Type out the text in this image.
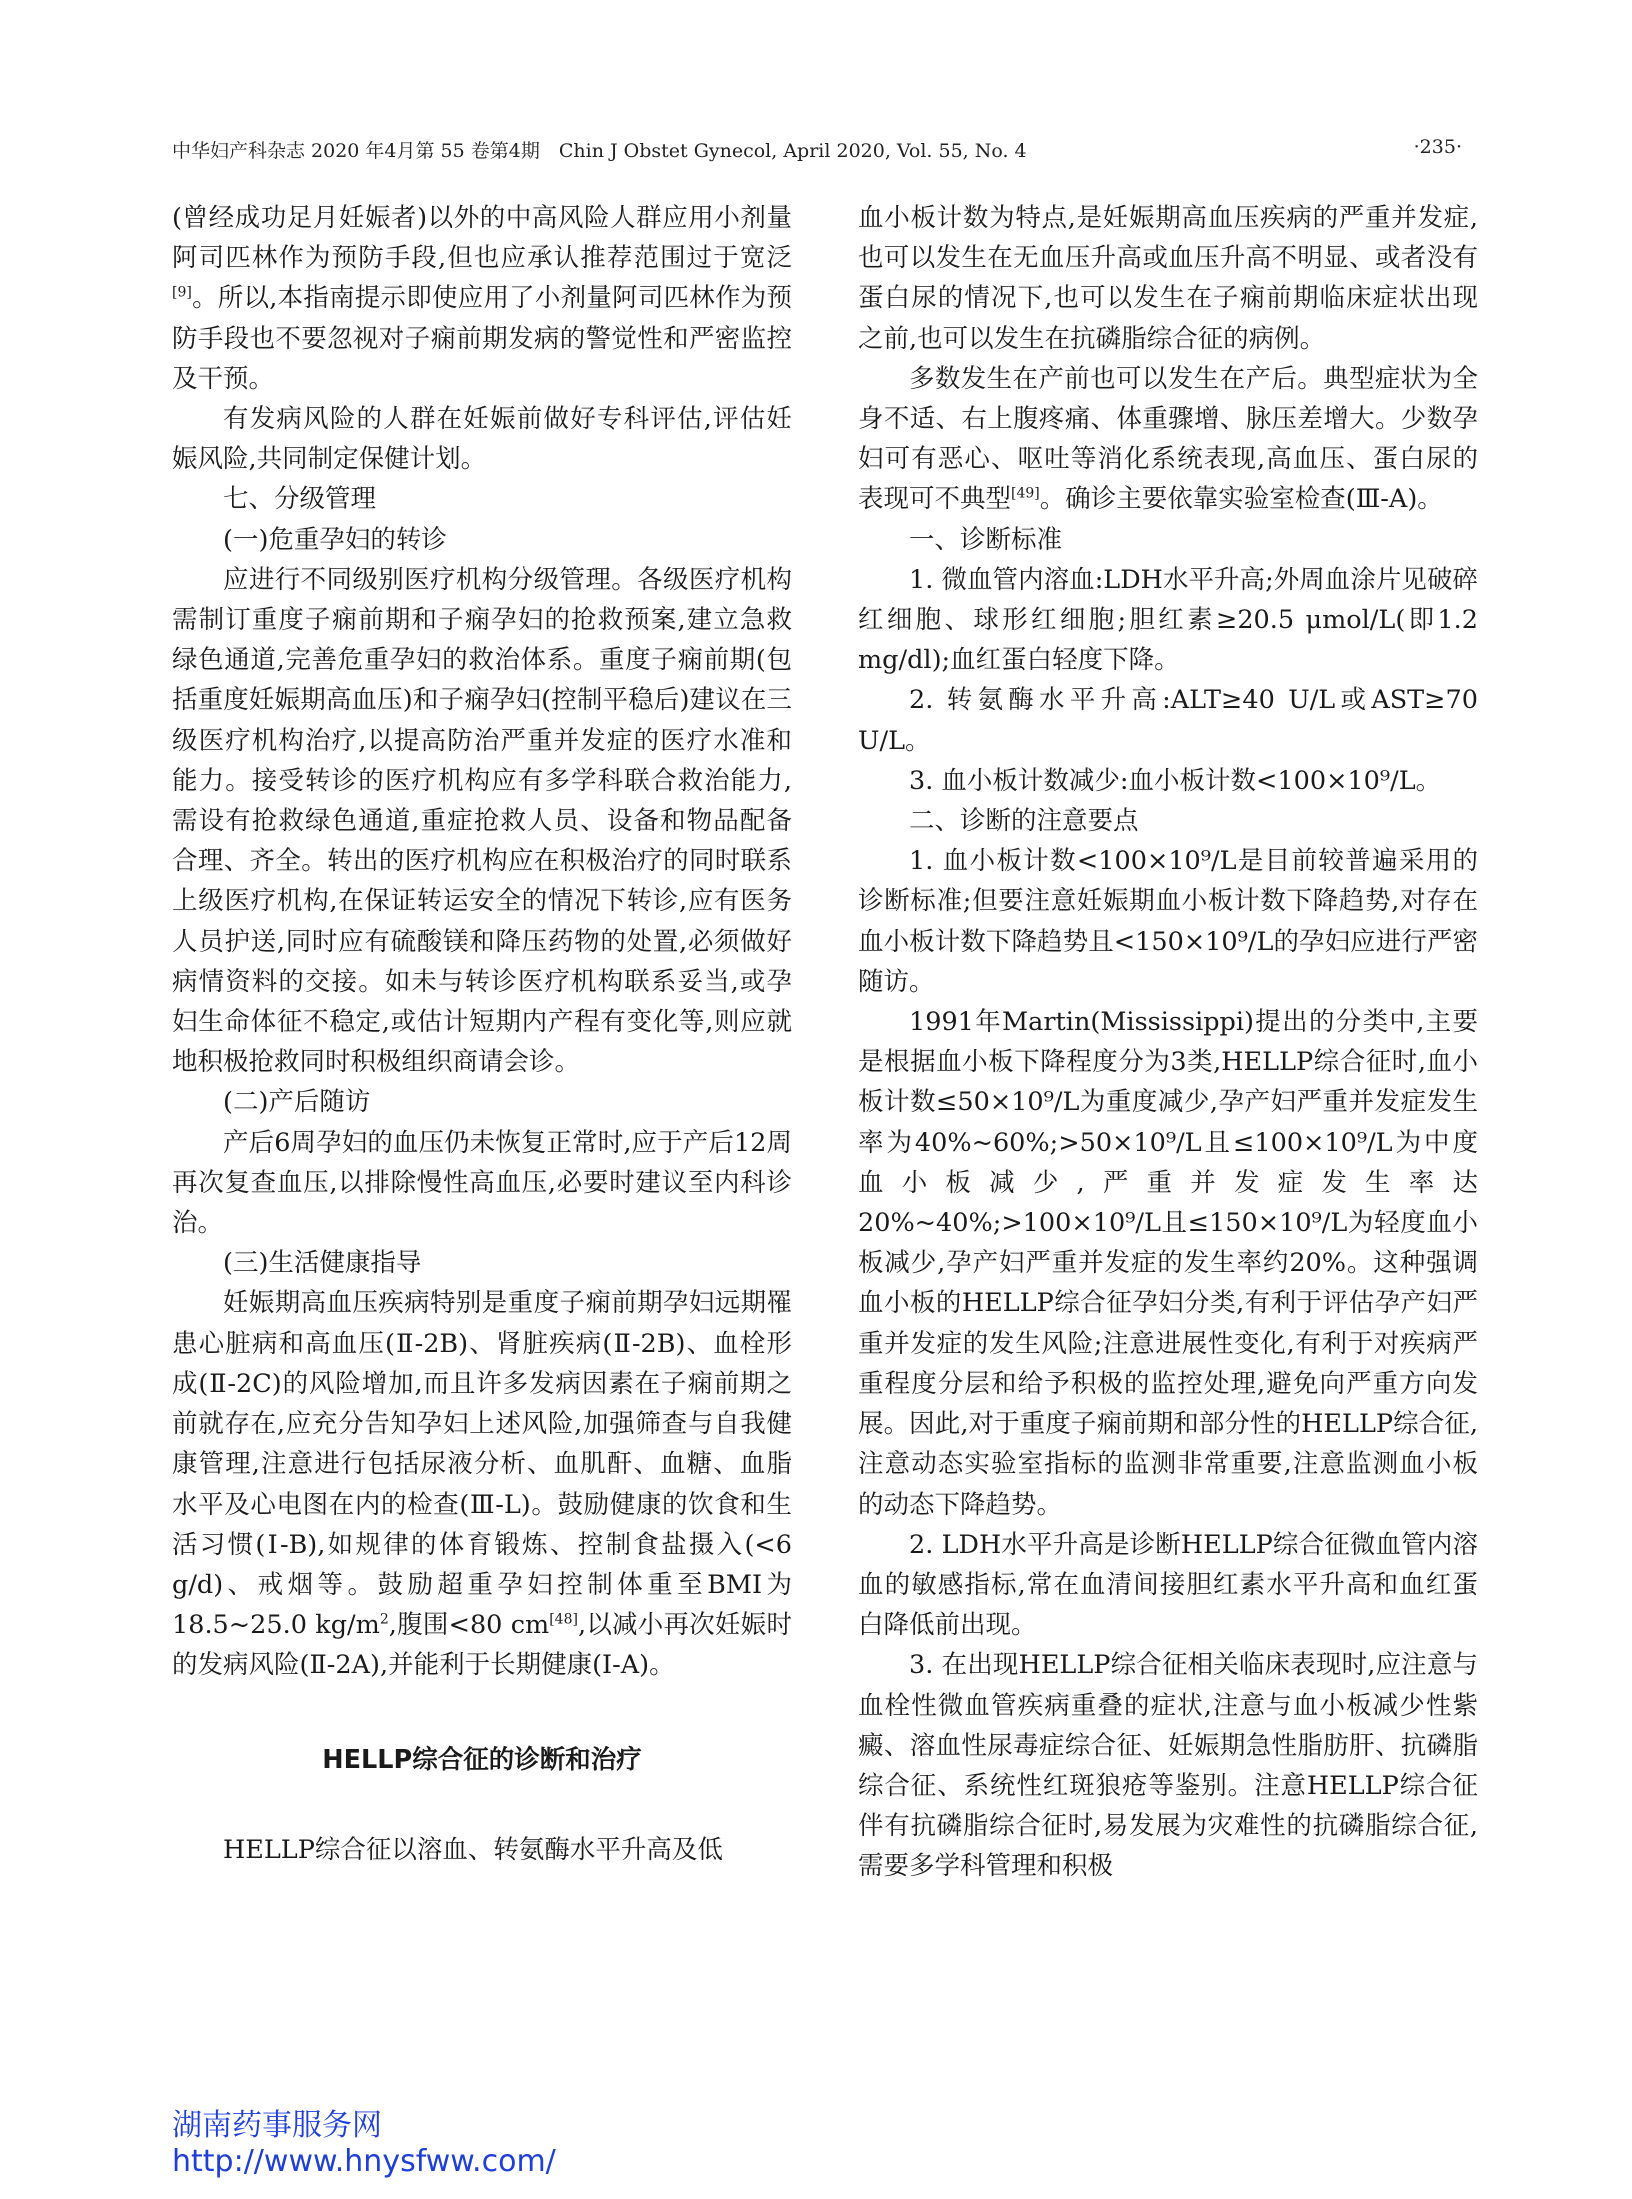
中华妇产科杂志 2020 年4月第 55 卷第4期　Chin J Obstet Gynecol, April 2020, Vol. 55, No. 4	·235·

(曾经成功足月妊娠者)以外的中高风险人群应用小剂量阿司匹林作为预防手段,但也应承认推荐范围过于宽泛[9]。所以,本指南提示即使应用了小剂量阿司匹林作为预防手段也不要忽视对子痫前期发病的警觉性和严密监控及干预。

有发病风险的人群在妊娠前做好专科评估,评估妊娠风险,共同制定保健计划。

七、分级管理

(一)危重孕妇的转诊

应进行不同级别医疗机构分级管理。各级医疗机构需制订重度子痫前期和子痫孕妇的抢救预案,建立急救绿色通道,完善危重孕妇的救治体系。重度子痫前期(包括重度妊娠期高血压)和子痫孕妇(控制平稳后)建议在三级医疗机构治疗,以提高防治严重并发症的医疗水准和能力。接受转诊的医疗机构应有多学科联合救治能力,需设有抢救绿色通道,重症抢救人员、设备和物品配备合理、齐全。转出的医疗机构应在积极治疗的同时联系上级医疗机构,在保证转运安全的情况下转诊,应有医务人员护送,同时应有硫酸镁和降压药物的处置,必须做好病情资料的交接。如未与转诊医疗机构联系妥当,或孕妇生命体征不稳定,或估计短期内产程有变化等,则应就地积极抢救同时积极组织商请会诊。

(二)产后随访

产后6周孕妇的血压仍未恢复正常时,应于产后12周再次复查血压,以排除慢性高血压,必要时建议至内科诊治。

(三)生活健康指导

妊娠期高血压疾病特别是重度子痫前期孕妇远期罹患心脏病和高血压(Ⅱ-2B)、肾脏疾病(Ⅱ-2B)、血栓形成(Ⅱ-2C)的风险增加,而且许多发病因素在子痫前期之前就存在,应充分告知孕妇上述风险,加强筛查与自我健康管理,注意进行包括尿液分析、血肌酐、血糖、血脂水平及心电图在内的检查(Ⅲ-L)。鼓励健康的饮食和生活习惯(Ⅰ-B),如规律的体育锻炼、控制食盐摄入(<6 g/d)、戒烟等。鼓励超重孕妇控制体重至BMI为18.5~25.0 $kg/m^2$,腹围<80 cm[48],以减小再次妊娠时的发病风险(Ⅱ-2A),并能利于长期健康(Ⅰ-A)。

HELLP综合征的诊断和治疗

HELLP综合征以溶血、转氨酶水平升高及低

血小板计数为特点,是妊娠期高血压疾病的严重并发症,也可以发生在无血压升高或血压升高不明显、或者没有蛋白尿的情况下,也可以发生在子痫前期临床症状出现之前,也可以发生在抗磷脂综合征的病例。

多数发生在产前也可以发生在产后。典型症状为全身不适、右上腹疼痛、体重骤增、脉压差增大。少数孕妇可有恶心、呕吐等消化系统表现,高血压、蛋白尿的表现可不典型[49]。确诊主要依靠实验室检查(Ⅲ-A)。

一、诊断标准

1. 微血管内溶血:LDH水平升高;外周血涂片见破碎红细胞、球形红细胞;胆红素≥20.5 μmol/L(即1.2 mg/dl);血红蛋白轻度下降。

2. 转氨酶水平升高:ALT≥40 U/L或AST≥70 U/L。

3. 血小板计数减少:血小板计数<100×10⁹/L。

二、诊断的注意要点

1. 血小板计数<100×10⁹/L是目前较普遍采用的诊断标准;但要注意妊娠期血小板计数下降趋势,对存在血小板计数下降趋势且<150×10⁹/L的孕妇应进行严密随访。

1991年Martin(Mississippi)提出的分类中,主要是根据血小板下降程度分为3类,HELLP综合征时,血小板计数≤50×10⁹/L为重度减少,孕产妇严重并发症发生率为40%~60%;>50×10⁹/L且≤100×10⁹/L为中度血小板减少,严重并发症发生率达20%~40%;>100×10⁹/L且≤150×10⁹/L为轻度血小板减少,孕产妇严重并发症的发生率约20%。这种强调血小板的HELLP综合征孕妇分类,有利于评估孕产妇严重并发症的发生风险;注意进展性变化,有利于对疾病严重程度分层和给予积极的监控处理,避免向严重方向发展。因此,对于重度子痫前期和部分性的HELLP综合征,注意动态实验室指标的监测非常重要,注意监测血小板的动态下降趋势。

2. LDH水平升高是诊断HELLP综合征微血管内溶血的敏感指标,常在血清间接胆红素水平升高和血红蛋白降低前出现。

3. 在出现HELLP综合征相关临床表现时,应注意与血栓性微血管疾病重叠的症状,注意与血小板减少性紫癜、溶血性尿毒症综合征、妊娠期急性脂肪肝、抗磷脂综合征、系统性红斑狼疮等鉴别。注意HELLP综合征伴有抗磷脂综合征时,易发展为灾难性的抗磷脂综合征,需要多学科管理和积极

湖南药事服务网
http://www.hnysfww.com/
